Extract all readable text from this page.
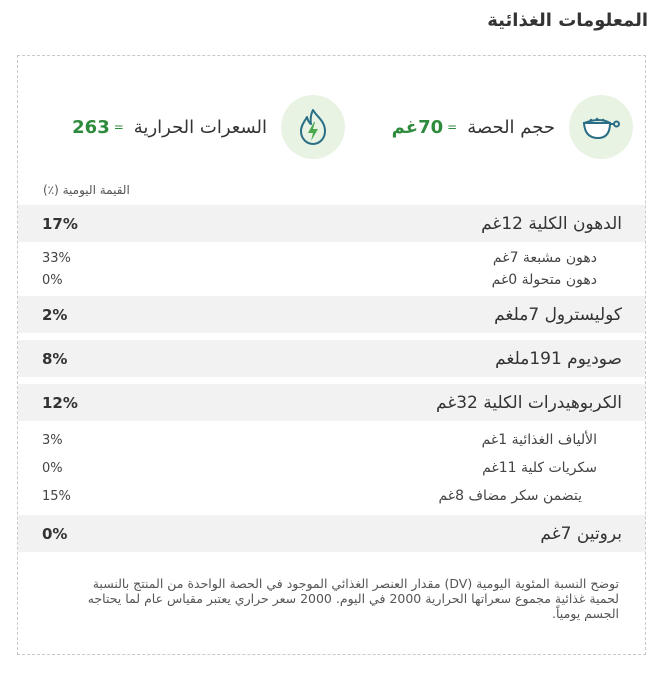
المعلومات الغذائية
حجم الحصة
=
70غم
السعرات الحرارية
=
263
القيمة اليومية (٪)
الدهون الكلية 12غم
17%
دهون مشبعة 7غم
33%
دهون متحولة 0غم
0%
كوليسترول 7ملغم
2%
صوديوم 191ملغم
8%
الكربوهيدرات الكلية 32غم
12%
الألياف الغذائية 1غم
3%
سكريات كلية 11غم
0%
يتضمن سكر مضاف 8غم
15%
بروتين 7غم
0%

توضح النسبة المئوية اليومية (DV) مقدار العنصر الغذائي الموجود في الحصة الواحدة من المنتج بالنسبة لحمية غذائية مجموع سعراتها الحرارية 2000 في اليوم. 2000 سعر حراري يعتبر مقياس عام لما يحتاجه الجسم يومياً.
